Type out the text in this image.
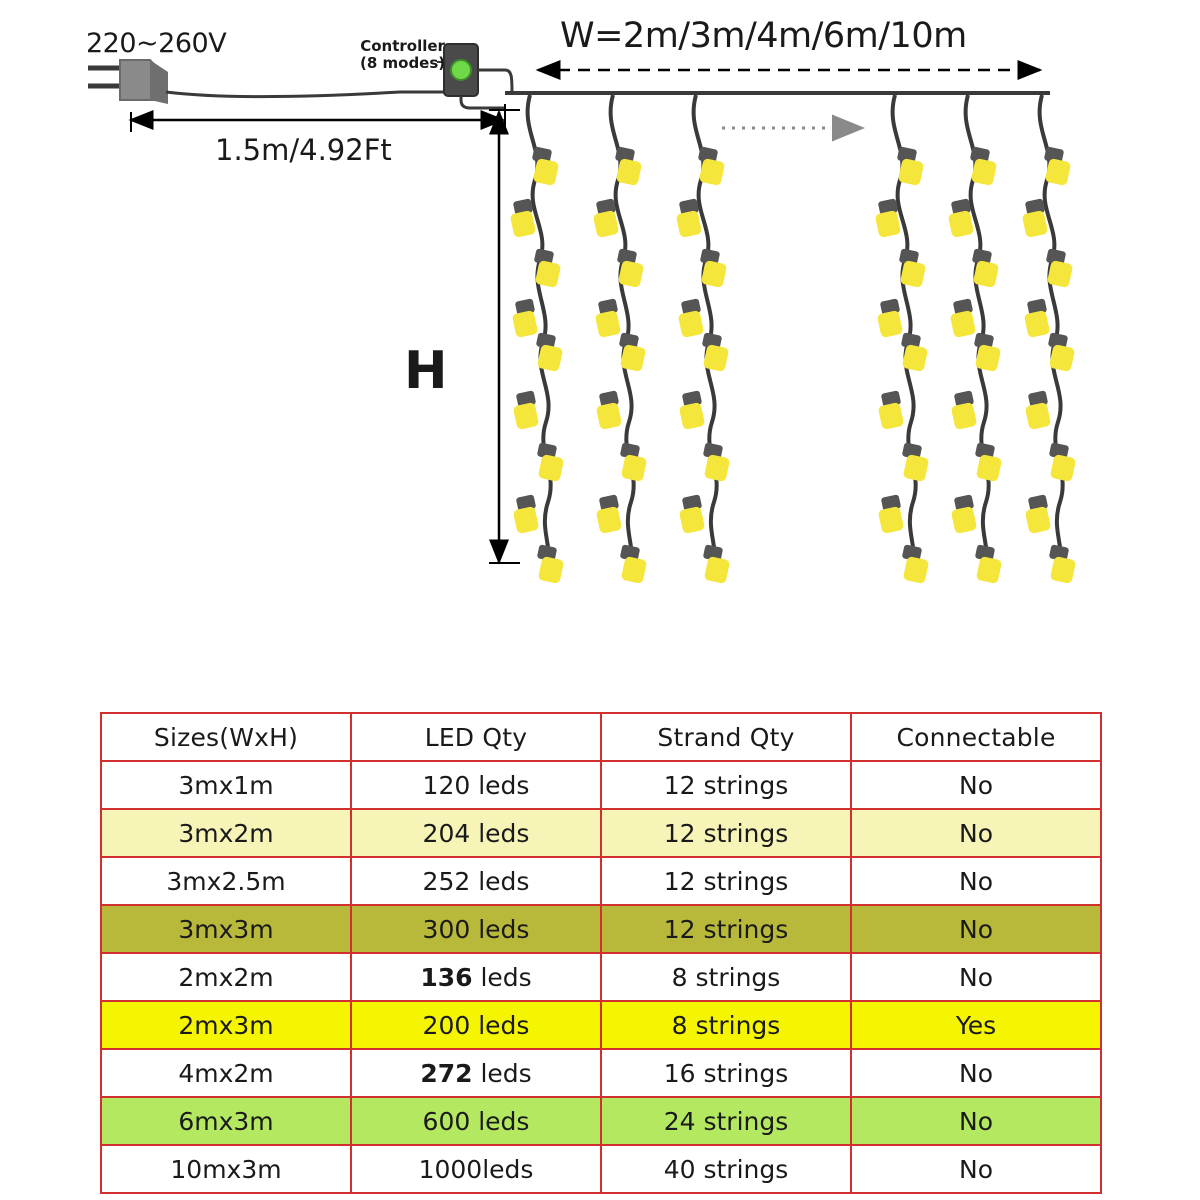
220~260V	Controller
(8 modes)
1.5m/4.92Ft
W=2m/3m/4m/6m/10m
H
Sizes(WxH)	LED Qty	Strand Qty	Connectable
3mx1m	120 leds	12 strings	No
3mx2m	204 leds	12 strings	No
3mx2.5m	252 leds	12 strings	No
3mx3m	300 leds	12 strings	No
2mx2m	136 leds	8 strings	No
2mx3m	200 leds	8 strings	Yes
4mx2m	272 leds	16 strings	No
6mx3m	600 leds	24 strings	No
10mx3m	1000leds	40 strings	No
